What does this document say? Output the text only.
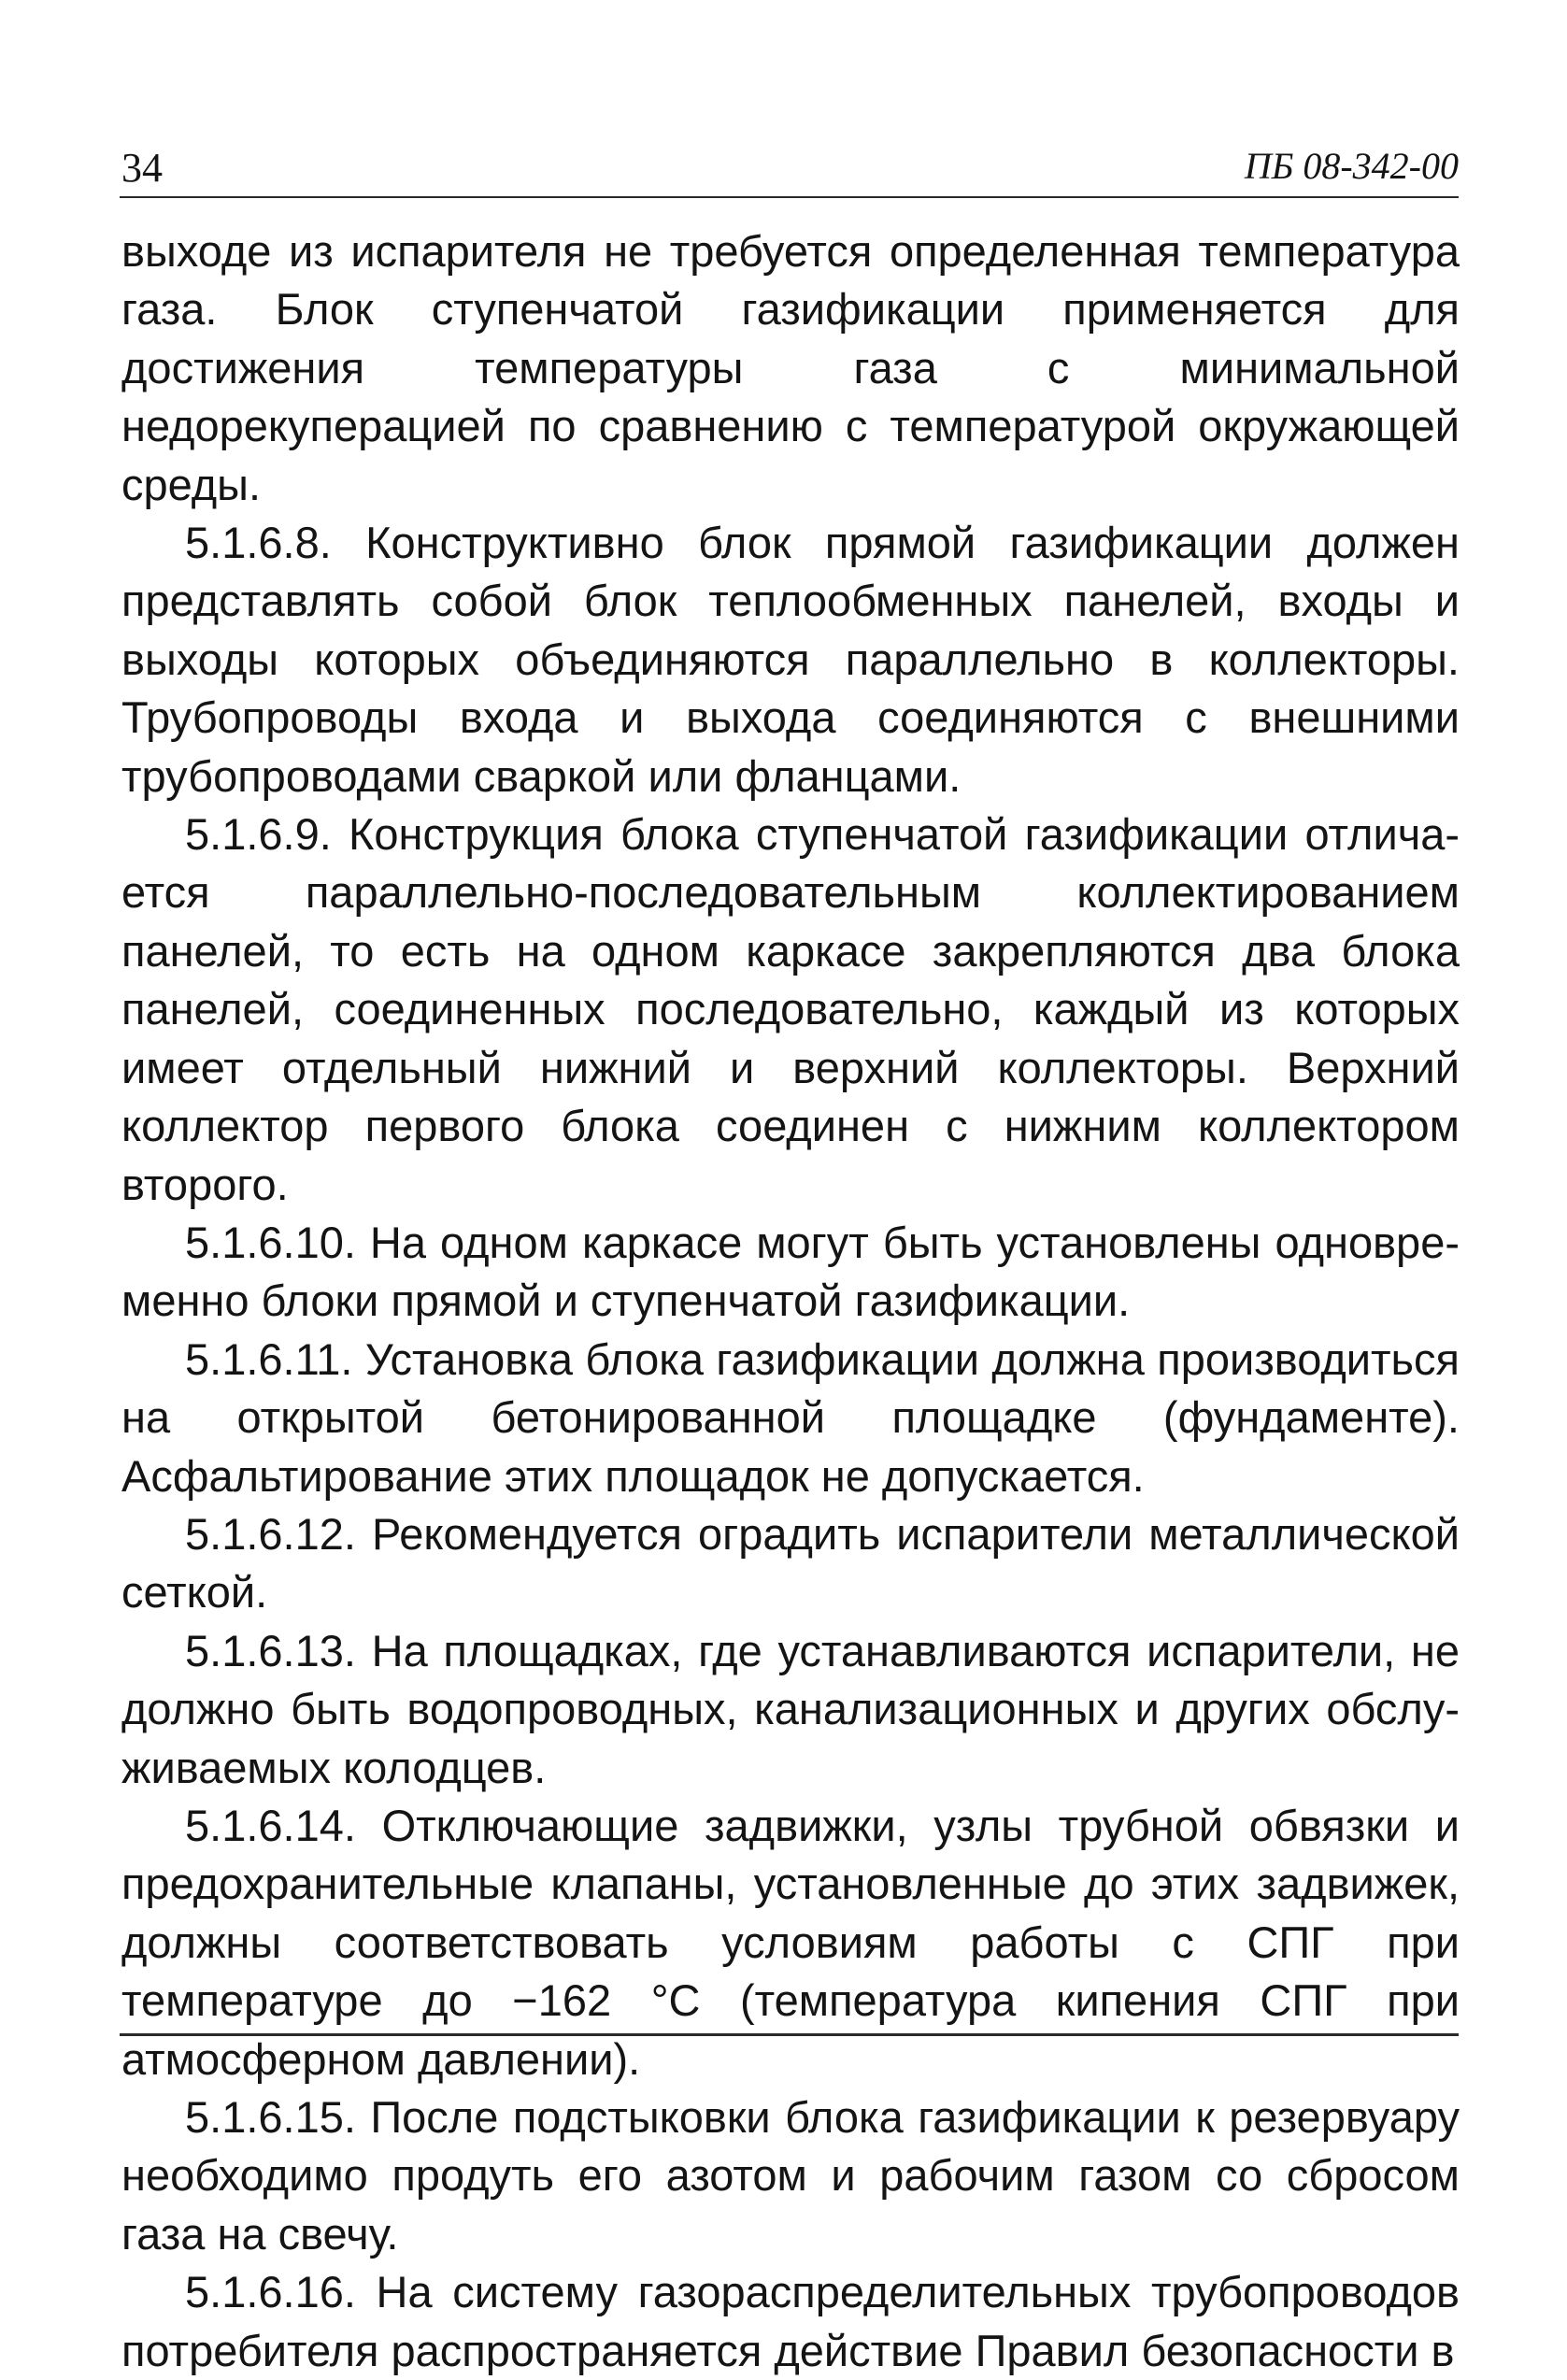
34	ПБ 08-342-00

выходе из испарителя не требуется определенная температура газа. Блок ступенчатой газификации применяется для достижения температуры газа с минимальной недорекуперацией по сравнению с температурой окружающей среды.

5.1.6.8. Конструктивно блок прямой газификации должен представлять собой блок теплообменных панелей, входы и выходы которых объединяются параллельно в коллекторы. Трубопроводы входа и выхода соединяются с внешними трубопроводами сваркой или фланцами.

5.1.6.9. Конструкция блока ступенчатой газификации отличается параллельно-последовательным коллектированием панелей, то есть на одном каркасе закрепляются два блока панелей, соединенных последовательно, каждый из которых имеет отдельный нижний и верхний коллекторы. Верхний коллектор первого блока соединен с нижним коллектором второго.

5.1.6.10. На одном каркасе могут быть установлены одновременно блоки прямой и ступенчатой газификации.

5.1.6.11. Установка блока газификации должна производиться на открытой бетонированной площадке (фундаменте). Асфальтирование этих площадок не допускается.

5.1.6.12. Рекомендуется оградить испарители металлической сеткой.

5.1.6.13. На площадках, где устанавливаются испарители, не должно быть водопроводных, канализационных и других обслуживаемых колодцев.

5.1.6.14. Отключающие задвижки, узлы трубной обвязки и предохранительные клапаны, установленные до этих задвижек, должны соответствовать условиям работы с СПГ при температуре до −162 °С (температура кипения СПГ при атмосферном давлении).

5.1.6.15. После подстыковки блока газификации к резервуару необходимо продуть его азотом и рабочим газом со сбросом газа на свечу.

5.1.6.16. На систему газораспределительных трубопроводов потребителя распространяется действие Правил безопасности в
